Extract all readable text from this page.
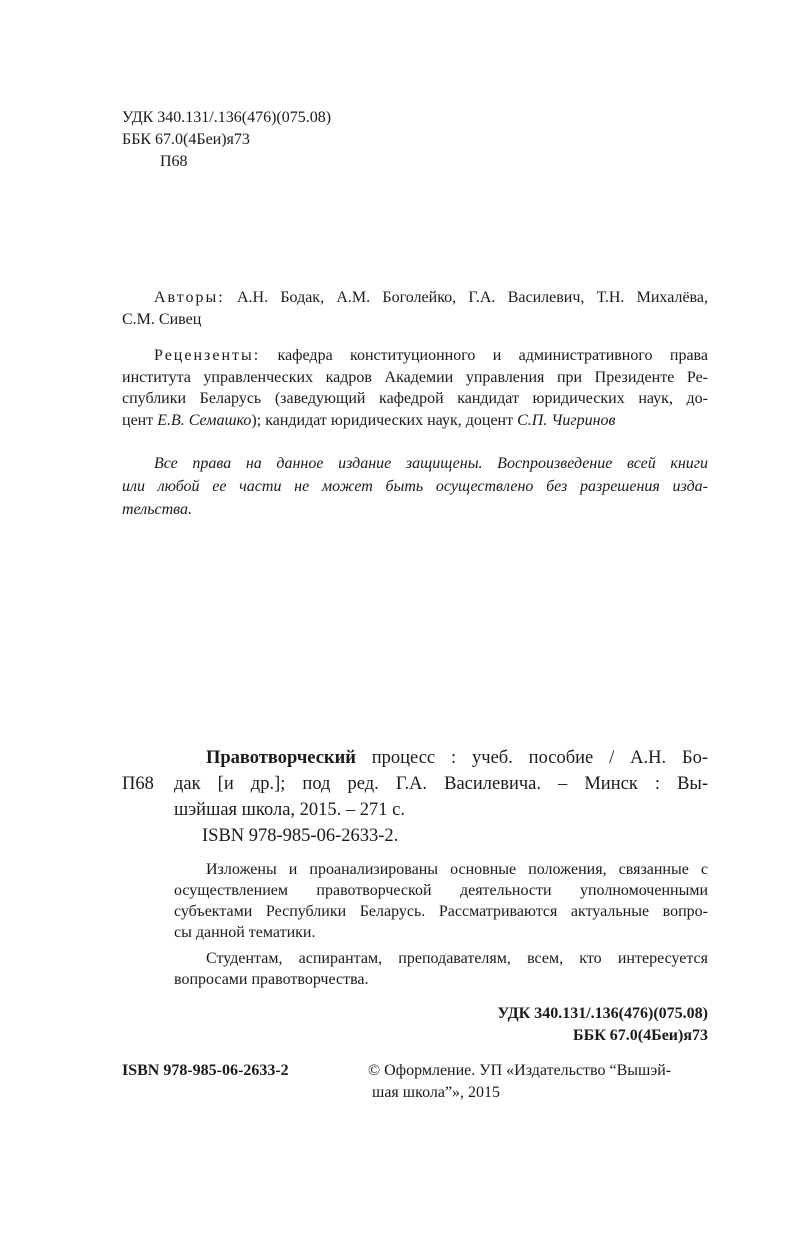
УДК 340.131/.136(476)(075.08)
ББК 67.0(4Беи)я73
П68
Авторы: А.Н. Бодак, А.М. Боголейко, Г.А. Василевич, Т.Н. Михалёва,
С.М. Сивец
Рецензенты: кафедра конституционного и административного права
института управленческих кадров Академии управления при Президенте Ре-
спублики Беларусь (заведующий кафедрой кандидат юридических наук, до-
цент Е.В. Семашко); кандидат юридических наук, доцент С.П. Чигринов
Все права на данное издание защищены. Воспроизведение всей книги
или любой ее части не может быть осуществлено без разрешения изда-
тельства.
П68
Правотворческий процесс : учеб. пособие / А.Н. Бо-
дак [и др.]; под ред. Г.А. Василевича. – Минск : Вы-
шэйшая школа, 2015. – 271 с.
ISBN 978-985-06-2633-2.
Изложены и проанализированы основные положения, связанные с
осуществлением правотворческой деятельности уполномоченными
субъектами Республики Беларусь. Рассматриваются актуальные вопро-
сы данной тематики.
Студентам, аспирантам, преподавателям, всем, кто интересуется
вопросами правотворчества.
УДК 340.131/.136(476)(075.08)
ББК 67.0(4Беи)я73
ISBN 978-985-06-2633-2	© Оформление. УП «Издательство “Вышэй-
шая школа”», 2015
